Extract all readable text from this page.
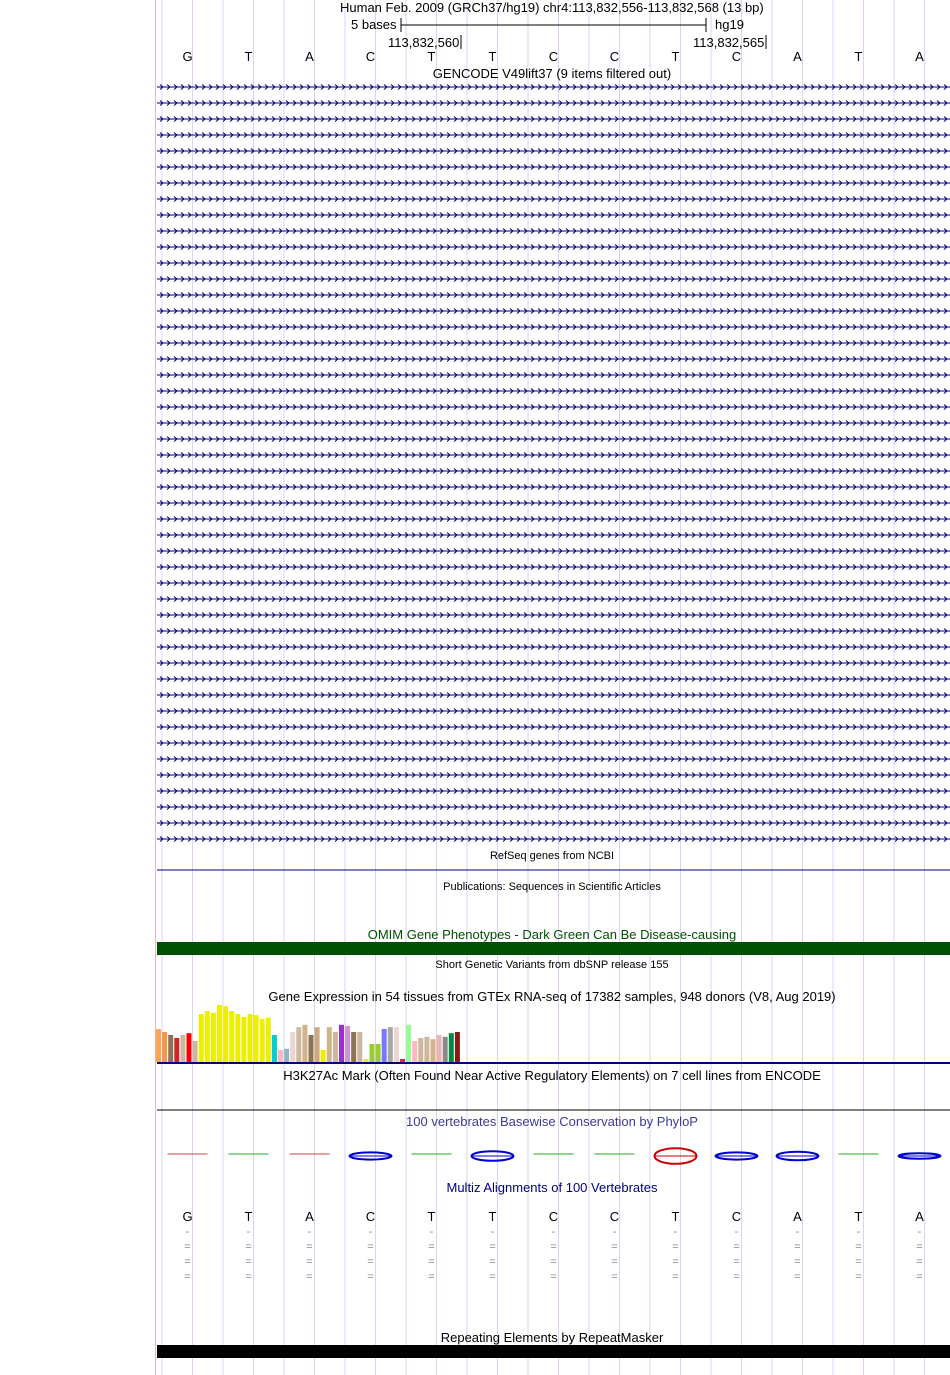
Human Feb. 2009 (GRCh37/hg19) chr4:113,832,556-113,832,568 (13 bp)
5 bases	hg19
113,832,560	113,832,565
G	T	A	C	T	T	C	C	T	C	A	T	A
GENCODE V49lift37 (9 items filtered out)
RefSeq genes from NCBI
Publications: Sequences in Scientific Articles
OMIM Gene Phenotypes - Dark Green Can Be Disease-causing
Short Genetic Variants from dbSNP release 155
Gene Expression in 54 tissues from GTEx RNA-seq of 17382 samples, 948 donors (V8, Aug 2019)
H3K27Ac Mark (Often Found Near Active Regulatory Elements) on 7 cell lines from ENCODE
100 vertebrates Basewise Conservation by PhyloP
Multiz Alignments of 100 Vertebrates
Repeating Elements by RepeatMasker
G	T	A	C	T	T	C	C	T	C	A	T	A
-	-	-	-	-	-	-	-	-	-	-	-	-
=	=	=	=	=	=	=	=	=	=	=	=	=
=	=	=	=	=	=	=	=	=	=	=	=	=
=	=	=	=	=	=	=	=	=	=	=	=	=
